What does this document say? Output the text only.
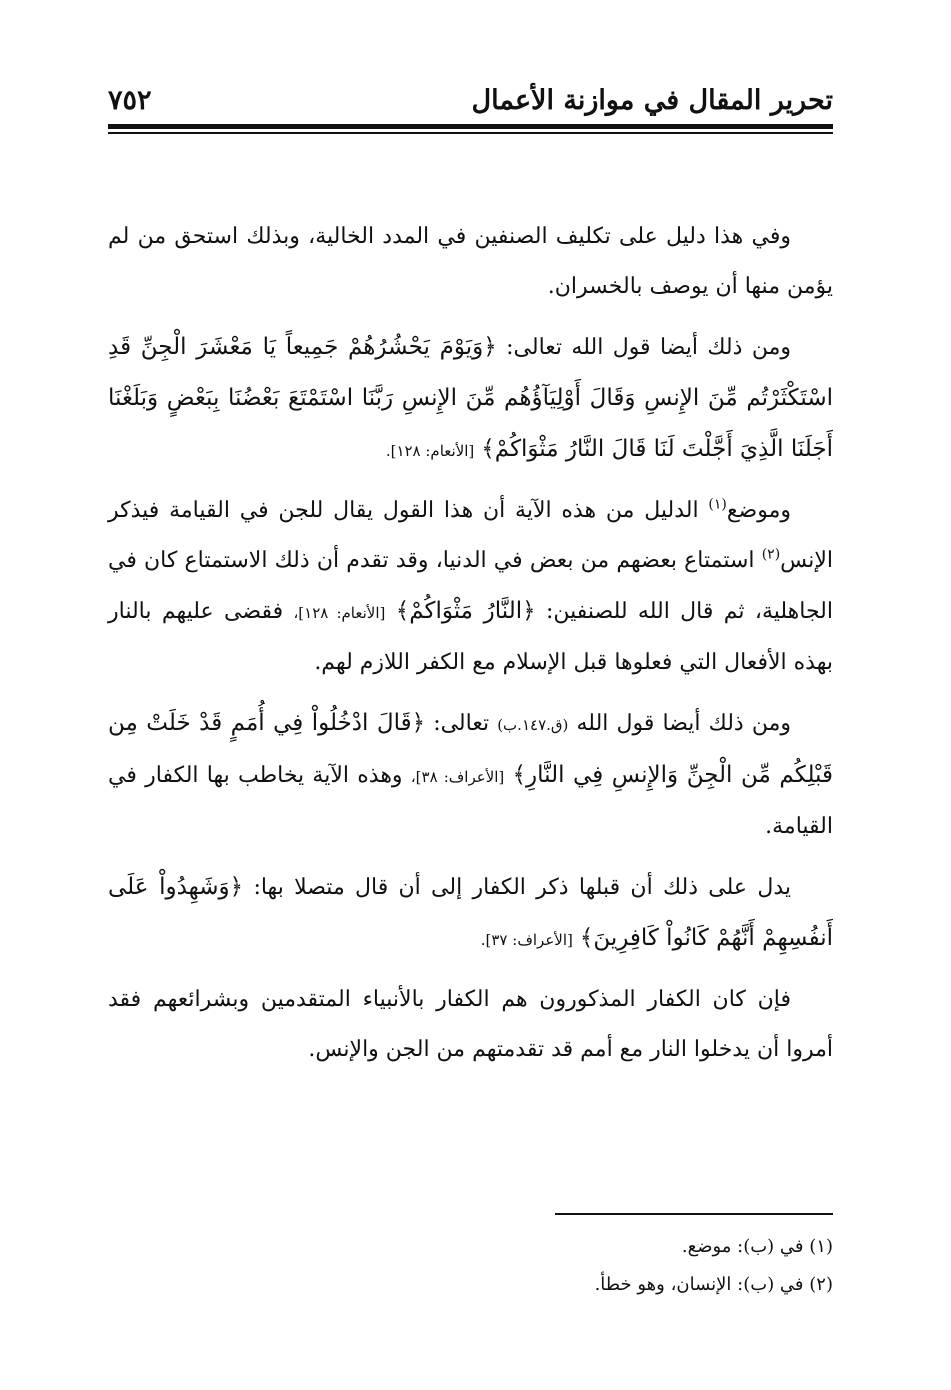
تحرير المقال في موازنة الأعمال
٧٥٢

وفي هذا دليل على تكليف الصنفين في المدد الخالية، وبذلك استحق من لم يؤمن منها أن يوصف بالخسران.

ومن ذلك أيضا قول الله تعالى: ﴿وَيَوْمَ يَحْشُرُهُمْ جَمِيعاً يَا مَعْشَرَ الْجِنِّ قَدِ اسْتَكْثَرْتُم مِّنَ الإِنسِ وَقَالَ أَوْلِيَآؤُهُم مِّنَ الإِنسِ رَبَّنَا اسْتَمْتَعَ بَعْضُنَا بِبَعْضٍ وَبَلَغْنَا أَجَلَنَا الَّذِيَ أَجَّلْتَ لَنَا قَالَ النَّارُ مَثْوَاكُمْ﴾ [الأنعام: ١٢٨].

وموضع$^{(١)}$ الدليل من هذه الآية أن هذا القول يقال للجن في القيامة فيذكر الإنس$^{(٢)}$ استمتاع بعضهم من بعض في الدنيا، وقد تقدم أن ذلك الاستمتاع كان في الجاهلية، ثم قال الله للصنفين: ﴿النَّارُ مَثْوَاكُمْ﴾ [الأنعام: ١٢٨]، فقضى عليهم بالنار بهذه الأفعال التي فعلوها قبل الإسلام مع الكفر اللازم لهم.

ومن ذلك أيضا قول الله (ق.١٤٧.ب) تعالى: ﴿قَالَ ادْخُلُواْ فِي أُمَمٍ قَدْ خَلَتْ مِن قَبْلِكُم مِّن الْجِنِّ وَالإِنسِ فِي النَّارِ﴾ [الأعراف: ٣٨]، وهذه الآية يخاطب بها الكفار في القيامة.

يدل على ذلك أن قبلها ذكر الكفار إلى أن قال متصلا بها: ﴿وَشَهِدُواْ عَلَى أَنفُسِهِمْ أَنَّهُمْ كَانُواْ كَافِرِينَ﴾ [الأعراف: ٣٧].

فإن كان الكفار المذكورون هم الكفار بالأنبياء المتقدمين وبشرائعهم فقد أمروا أن يدخلوا النار مع أمم قد تقدمتهم من الجن والإنس.

(١) في (ب): موضع.
(٢) في (ب): الإنسان، وهو خطأ.
